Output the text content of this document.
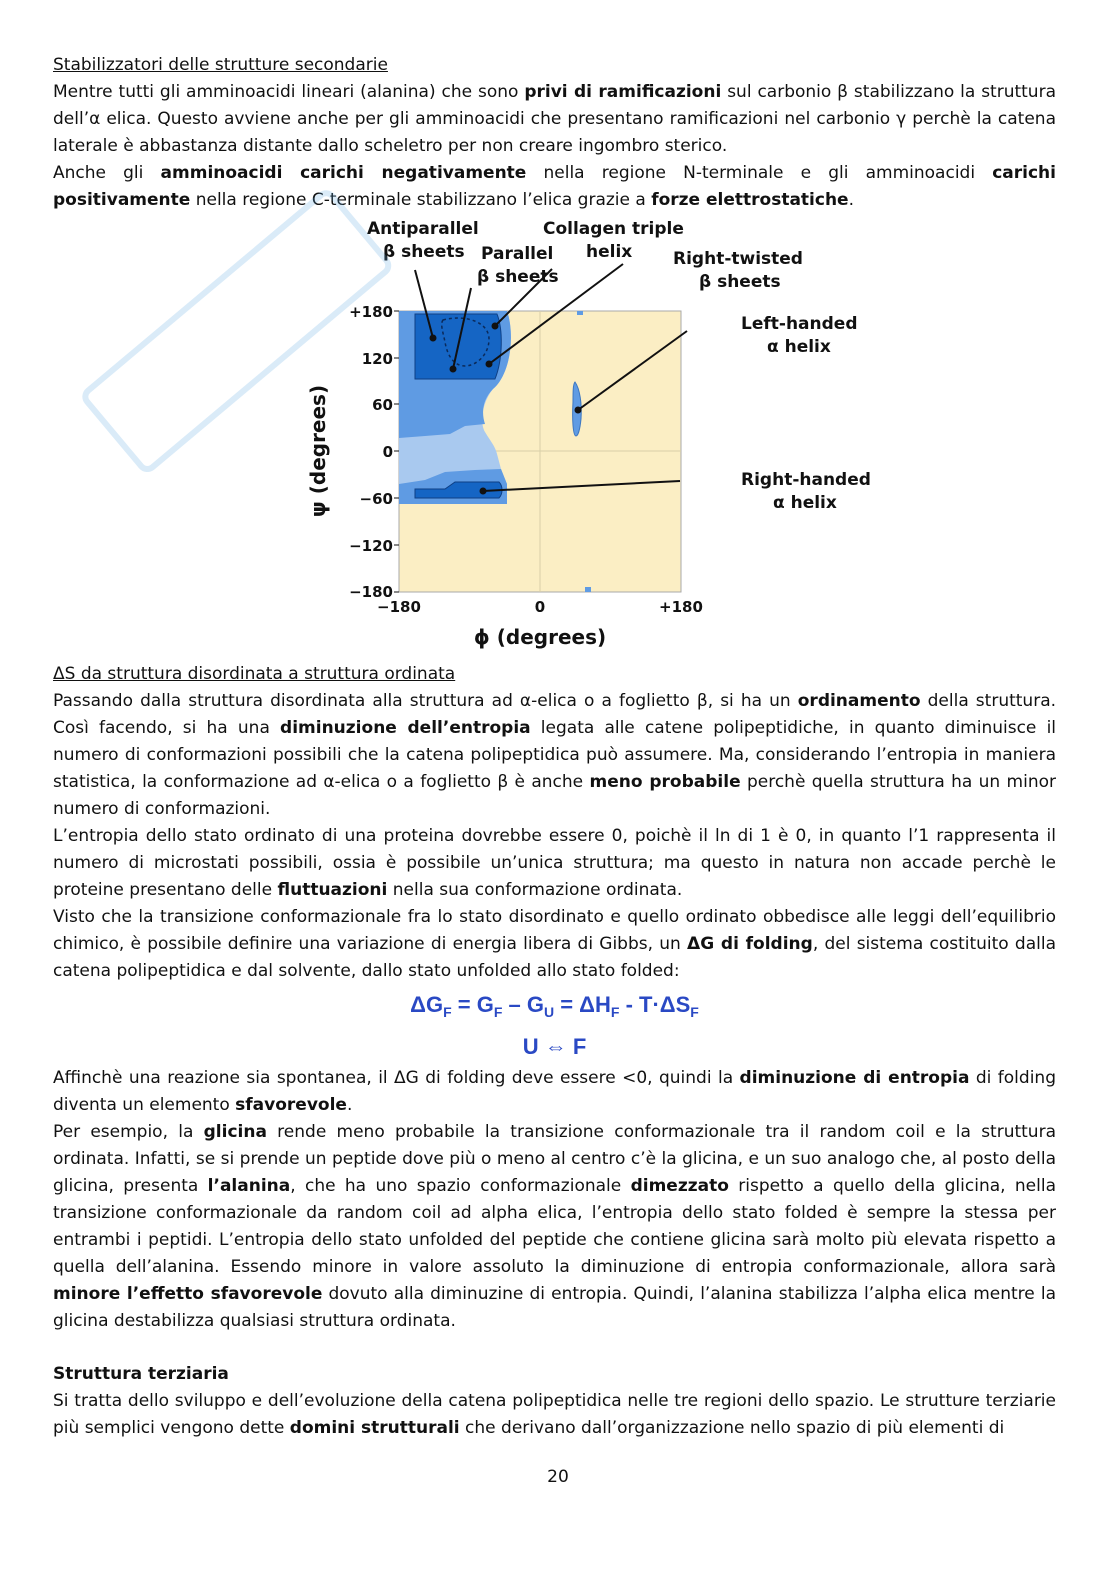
Stabilizzatori delle strutture secondarie

Mentre tutti gli amminoacidi lineari (alanina) che sono privi di ramificazioni sul carbonio β stabilizzano la struttura dell’α elica. Questo avviene anche per gli amminoacidi che presentano ramificazioni nel carbonio γ perchè la catena laterale è abbastanza distante dallo scheletro per non creare ingombro sterico.

Anche gli amminoacidi carichi negativamente nella regione N-terminale e gli amminoacidi carichi positivamente nella regione C-terminale stabilizzano l’elica grazie a forze elettrostatiche.

Antiparallel
β sheets Parallel
β sheets
Collagen triple
helix Right-twisted
β sheets
Left-handed
α helix
Right-handed
α helix
+180
120
60
0
−60
−120
−180
−180	0	+180
ϕ (degrees)
ψ (degrees)

ΔS da struttura disordinata a struttura ordinata

Passando dalla struttura disordinata alla struttura ad α-elica o a foglietto β, si ha un ordinamento della struttura. Così facendo, si ha una diminuzione dell’entropia legata alle catene polipeptidiche, in quanto diminuisce il numero di conformazioni possibili che la catena polipeptidica può assumere. Ma, considerando l’entropia in maniera statistica, la conformazione ad α-elica o a foglietto β è anche meno probabile perchè quella struttura ha un minor numero di conformazioni.

L’entropia dello stato ordinato di una proteina dovrebbe essere 0, poichè il ln di 1 è 0, in quanto l’1 rappresenta il numero di microstati possibili, ossia è possibile un’unica struttura; ma questo in natura non accade perchè le proteine presentano delle fluttuazioni nella sua conformazione ordinata.

Visto che la transizione conformazionale fra lo stato disordinato e quello ordinato obbedisce alle leggi dell’equilibrio chimico, è possibile definire una variazione di energia libera di Gibbs, un ΔG di folding, del sistema costituito dalla catena polipeptidica e dal solvente, dallo stato unfolded allo stato folded:

$\Delta G_F = G_F - G_U = \Delta H_F - T\cdot\Delta S_F$
U ⇔ F

Affinchè una reazione sia spontanea, il ΔG di folding deve essere <0, quindi la diminuzione di entropia di folding diventa un elemento sfavorevole.

Per esempio, la glicina rende meno probabile la transizione conformazionale tra il random coil e la struttura ordinata. Infatti, se si prende un peptide dove più o meno al centro c’è la glicina, e un suo analogo che, al posto della glicina, presenta l’alanina, che ha uno spazio conformazionale dimezzato rispetto a quello della glicina, nella transizione conformazionale da random coil ad alpha elica, l’entropia dello stato folded è sempre la stessa per entrambi i peptidi. L’entropia dello stato unfolded del peptide che contiene glicina sarà molto più elevata rispetto a quella dell’alanina. Essendo minore in valore assoluto la diminuzione di entropia conformazionale, allora sarà minore l’effetto sfavorevole dovuto alla diminuzine di entropia. Quindi, l’alanina stabilizza l’alpha elica mentre la glicina destabilizza qualsiasi struttura ordinata.

Struttura terziaria

Si tratta dello sviluppo e dell’evoluzione della catena polipeptidica nelle tre regioni dello spazio. Le strutture terziarie più semplici vengono dette domini strutturali che derivano dall’organizzazione nello spazio di più elementi di

20
